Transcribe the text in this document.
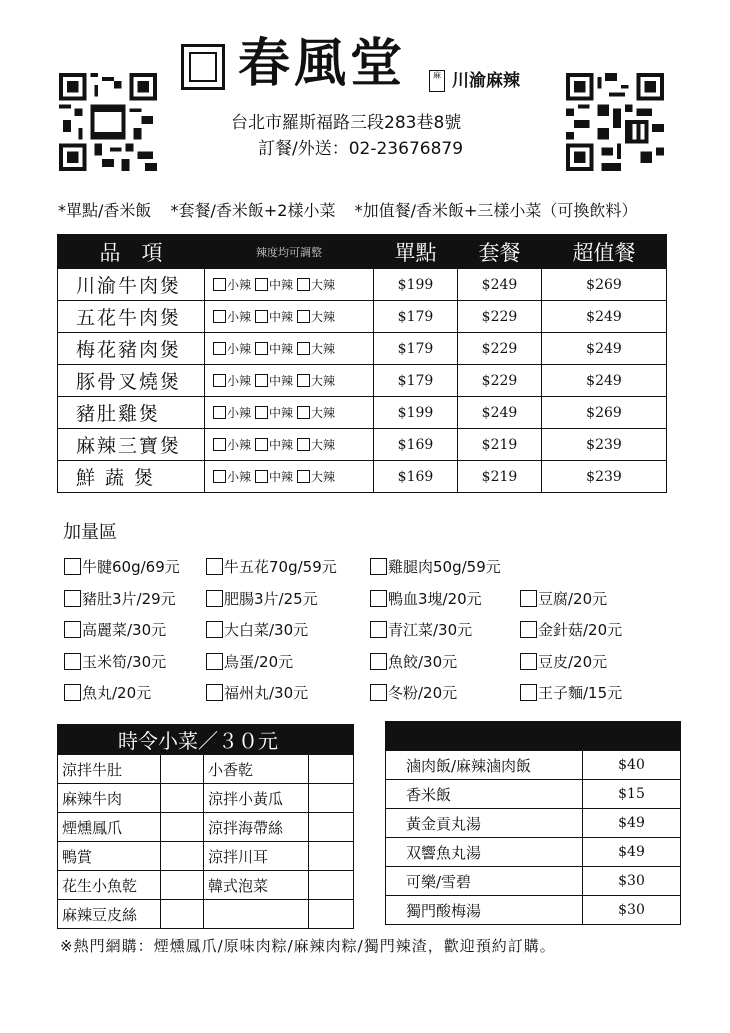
春風堂	麻 川渝麻辣
台北市羅斯福路三段283巷8號
訂餐/外送：02-23676879
*單點/香米飯 *套餐/香米飯+2樣小菜 *加值餐/香米飯+三樣小菜（可換飲料）
品　項	辣度均可調整	單點	套餐	超值餐
川渝牛肉煲	小辣 中辣 大辣	$199	$249	$269
五花牛肉煲	小辣 中辣 大辣	$179	$229	$249
梅花豬肉煲	小辣 中辣 大辣	$179	$229	$249
豚骨叉燒煲	小辣 中辣 大辣	$179	$229	$249
豬肚雞煲	小辣 中辣 大辣	$199	$249	$269
麻辣三寶煲	小辣 中辣 大辣	$169	$219	$239
鮮 蔬 煲	小辣 中辣 大辣	$169	$219	$239
加量區
牛腱60g/69元	牛五花70g/59元	雞腿肉50g/59元
豬肚3片/29元	肥腸3片/25元	鴨血3塊/20元	豆腐/20元
高麗菜/30元	大白菜/30元	青江菜/30元	金針菇/20元
玉米筍/30元	鳥蛋/20元	魚餃/30元	豆皮/20元
魚丸/20元	福州丸/30元	冬粉/20元	王子麵/15元
時令小菜／３０元			
涼拌牛肚		小香乾	
麻辣牛肉		涼拌小黃瓜	
煙燻鳳爪		涼拌海帶絲	
鴨賞		涼拌川耳	
花生小魚乾		韓式泡菜	
麻辣豆皮絲			

滷肉飯/麻辣滷肉飯	$40
香米飯	$15
黃金貢丸湯	$49
双響魚丸湯	$49
可樂/雪碧	$30
獨門酸梅湯	$30
※熱門網購：煙燻鳳爪/原味肉粽/麻辣肉粽/獨門辣渣，歡迎預約訂購。
